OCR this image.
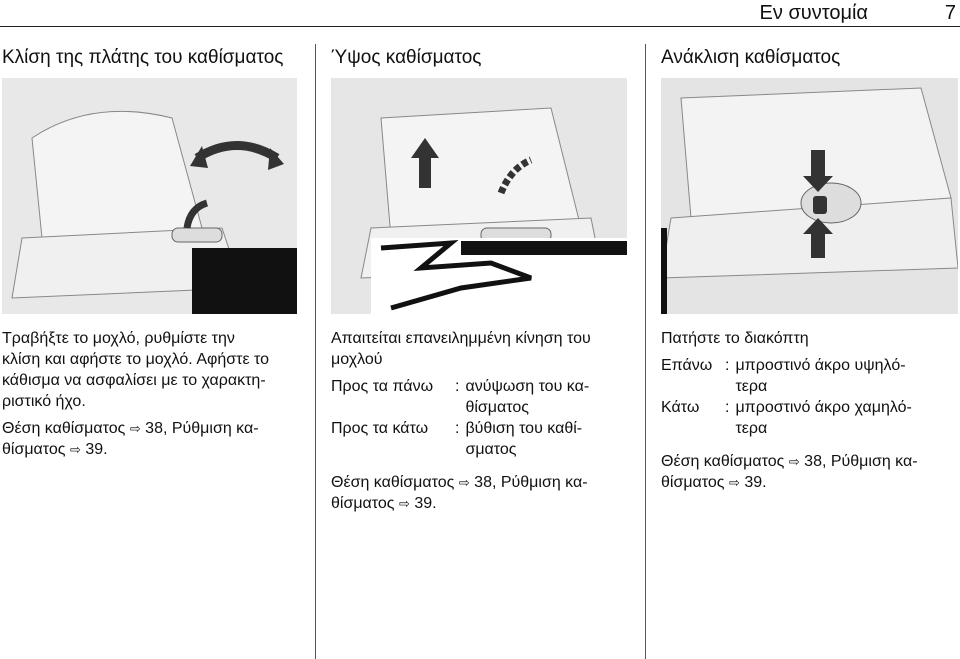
Εν συντομία	7
Κλίση της πλάτης του καθίσματος

Τραβήξτε το μοχλό, ρυθμίστε την
κλίση και αφήστε το μοχλό. Αφήστε το
κάθισμα να ασφαλίσει με το χαρακτη-
ριστικό ήχο.

Θέση καθίσματος ⇨ 38, Ρύθμιση κα-
θίσματος ⇨ 39.

Ύψος καθίσματος

Απαιτείται επανειλημμένη κίνηση του
μοχλού

Προς τα πάνω	:	ανύψωση του κα-
θίσματος
Προς τα κάτω	:	βύθιση του καθί-
σματος

Θέση καθίσματος ⇨ 38, Ρύθμιση κα-
θίσματος ⇨ 39.

Ανάκλιση καθίσματος

Πατήστε το διακόπτη

Επάνω	:	μπροστινό άκρο υψηλό-
τερα
Κάτω	:	μπροστινό άκρο χαμηλό-
τερα

Θέση καθίσματος ⇨ 38, Ρύθμιση κα-
θίσματος ⇨ 39.
